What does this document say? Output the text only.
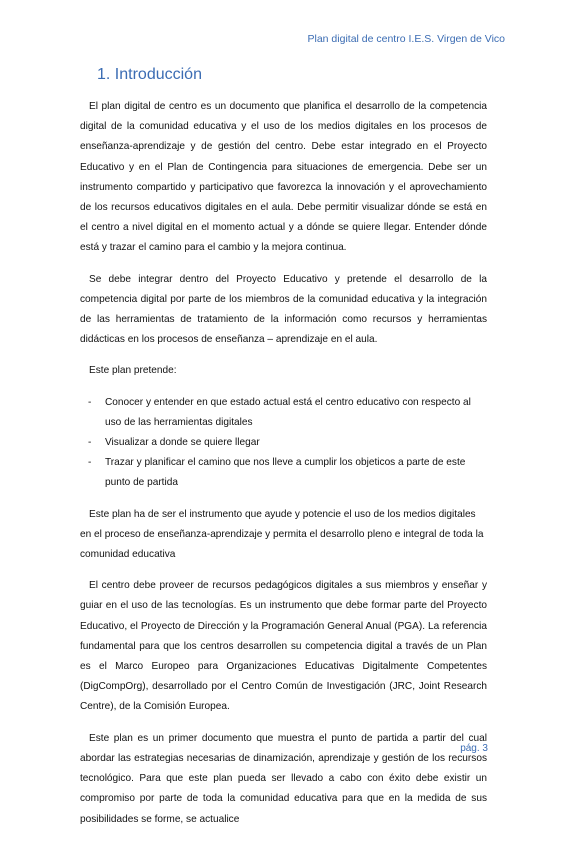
Plan digital de centro I.E.S. Virgen de Vico
1. Introducción

El plan digital de centro es un documento que planifica el desarrollo de la competencia digital de la comunidad educativa y el uso de los medios digitales en los procesos de enseñanza-aprendizaje y de gestión del centro. Debe estar integrado en el Proyecto Educativo y en el Plan de Contingencia para situaciones de emergencia. Debe ser un instrumento compartido y participativo que favorezca la innovación y el aprovechamiento de los recursos educativos digitales en el aula. Debe permitir visualizar dónde se está en el centro a nivel digital en el momento actual y a dónde se quiere llegar. Entender dónde está y trazar el camino para el cambio y la mejora continua.

Se debe integrar dentro del Proyecto Educativo y pretende el desarrollo de la competencia digital por parte de los miembros de la comunidad educativa y la integración de las herramientas de tratamiento de la información como recursos y herramientas didácticas en los procesos de enseñanza – aprendizaje en el aula.

Este plan pretende:

- Conocer y entender en que estado actual está el centro educativo con respecto al uso de las herramientas digitales
- Visualizar a donde se quiere llegar
- Trazar y planificar el camino que nos lleve a cumplir los objeticos a parte de este punto de partida

Este plan ha de ser el instrumento que ayude y potencie el uso de los medios digitales en el proceso de enseñanza-aprendizaje y permita el desarrollo pleno e integral de toda la comunidad educativa

El centro debe proveer de recursos pedagógicos digitales a sus miembros y enseñar y guiar en el uso de las tecnologías. Es un instrumento que debe formar parte del Proyecto Educativo, el Proyecto de Dirección y la Programación General Anual (PGA). La referencia fundamental para que los centros desarrollen su competencia digital a través de un Plan es el Marco Europeo para Organizaciones Educativas Digitalmente Competentes (DigCompOrg), desarrollado por el Centro Común de Investigación (JRC, Joint Research Centre), de la Comisión Europea.

Este plan es un primer documento que muestra el punto de partida a partir del cual abordar las estrategias necesarias de dinamización, aprendizaje y gestión de los recursos tecnológico. Para que este plan pueda ser llevado a cabo con éxito debe existir un compromiso por parte de toda la comunidad educativa para que en la medida de sus posibilidades se forme, se actualice

pág. 3
